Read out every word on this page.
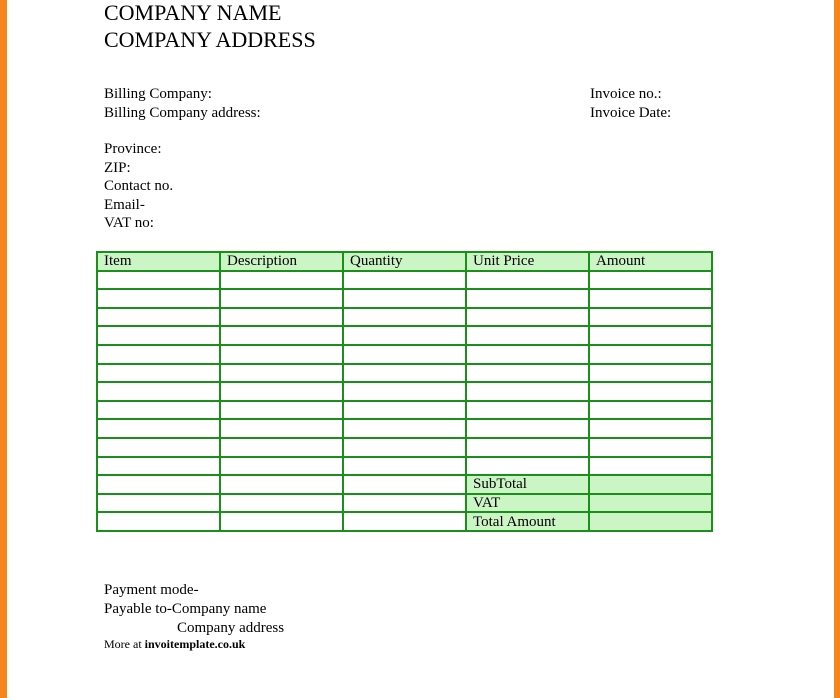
COMPANY NAME
COMPANY ADDRESS
Billing Company:
Billing Company address:
Invoice no.:
Invoice Date:
Province:
ZIP:
Contact no.
Email-
VAT no:
Item	Description	Quantity	Unit Price	Amount

			SubTotal	
			VAT	
			Total Amount	
Payment mode-
Payable to-Company name
Company address
More at invoitemplate.co.uk
